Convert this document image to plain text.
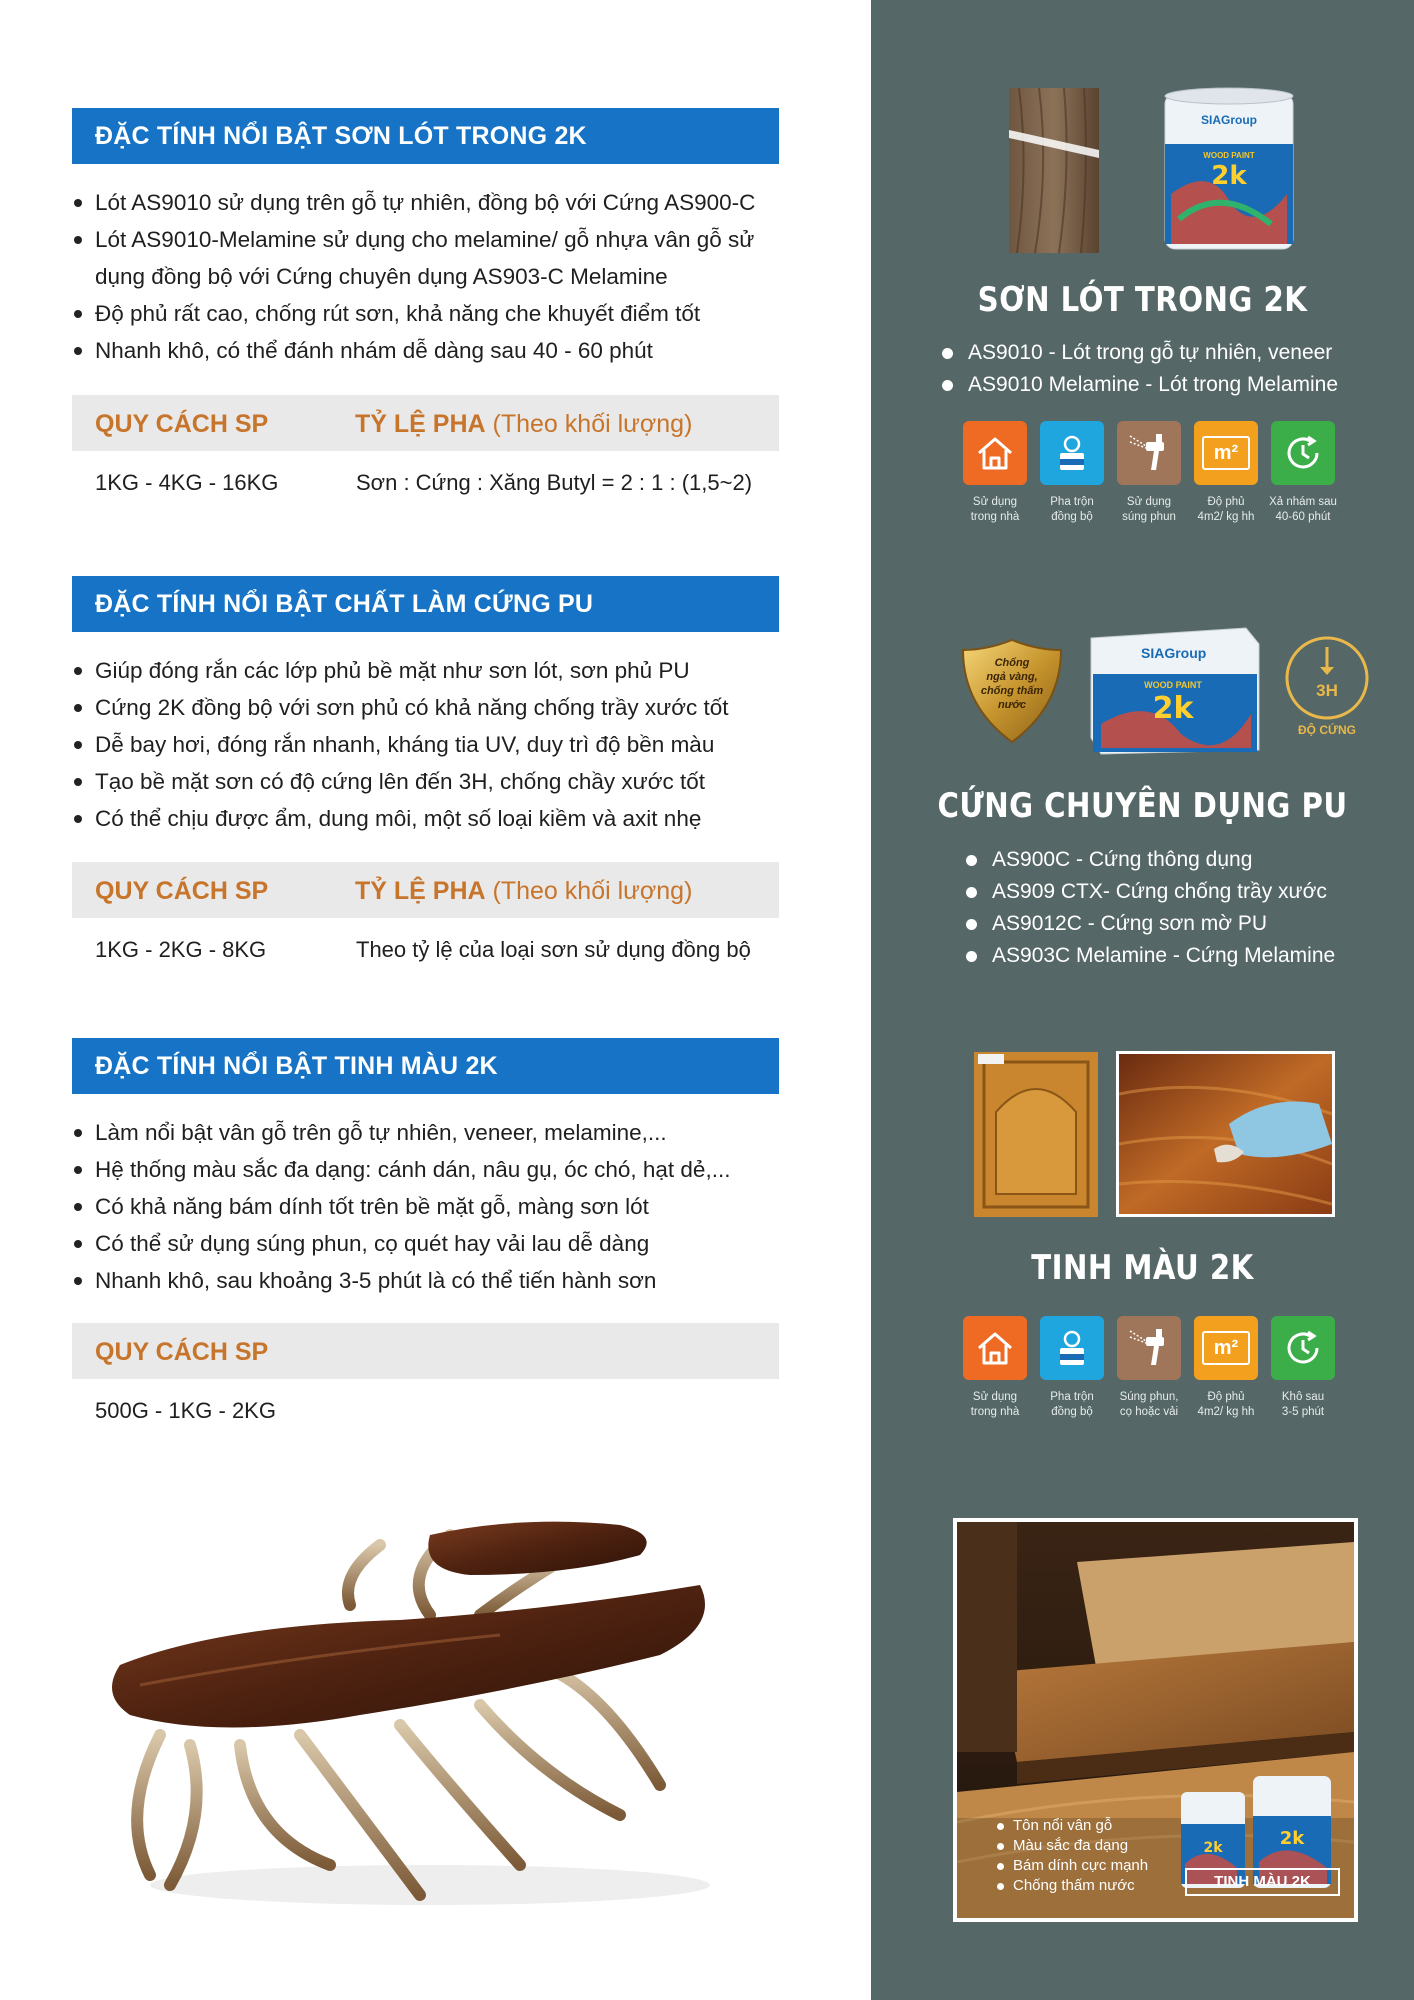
ĐẶC TÍNH NỔI BẬT SƠN LÓT TRONG 2K
Lót AS9010 sử dụng trên gỗ tự nhiên, đồng bộ với Cứng AS900-C
Lót AS9010-Melamine sử dụng cho melamine/ gỗ nhựa vân gỗ sử
dụng đồng bộ với Cứng chuyên dụng AS903-C Melamine
Độ phủ rất cao, chống rút sơn, khả năng che khuyết điểm tốt
Nhanh khô, có thể đánh nhám dễ dàng sau 40 - 60 phút
QUY CÁCH SP	TỶ LỆ PHA (Theo khối lượng)
1KG - 4KG - 16KG	Sơn : Cứng : Xăng Butyl = 2 : 1 : (1,5~2)
ĐẶC TÍNH NỔI BẬT CHẤT LÀM CỨNG PU
Giúp đóng rắn các lớp phủ bề mặt như sơn lót, sơn phủ PU
Cứng 2K đồng bộ với sơn phủ có khả năng chống trầy xước tốt
Dễ bay hơi, đóng rắn nhanh, kháng tia UV, duy trì độ bền màu
Tạo bề mặt sơn có độ cứng lên đến 3H, chống chầy xước tốt
Có thể chịu được ẩm, dung môi, một số loại kiềm và axit nhẹ
QUY CÁCH SP	TỶ LỆ PHA (Theo khối lượng)
1KG - 2KG - 8KG	Theo tỷ lệ của loại sơn sử dụng đồng bộ
ĐẶC TÍNH NỔI BẬT TINH MÀU 2K
Làm nổi bật vân gỗ trên gỗ tự nhiên, veneer, melamine,...
Hệ thống màu sắc đa dạng: cánh dán, nâu gụ, óc chó, hạt dẻ,...
Có khả năng bám dính tốt trên bề mặt gỗ, màng sơn lót
Có thể sử dụng súng phun, cọ quét hay vải lau dễ dàng
Nhanh khô, sau khoảng 3-5 phút là có thể tiến hành sơn
QUY CÁCH SP
500G - 1KG - 2KG
SIAGroup
WOOD PAINT
2k
SƠN LÓT TRONG 2K
AS9010 - Lót trong gỗ tự nhiên, veneer
AS9010 Melamine - Lót trong Melamine
Sử dụng
trong nhà
Pha trộn
đồng bộ
Sử dụng
súng phun
m²
Độ phủ
4m2/ kg hh
Xả nhám sau
40-60 phút
Chống
ngả vàng,
chống thấm
nước
SIAGroup
WOOD PAINT
2k
3H
ĐỘ CỨNG
CỨNG CHUYÊN DỤNG PU
AS900C - Cứng thông dụng
AS909 CTX- Cứng chống trầy xước
AS9012C - Cứng sơn mờ PU
AS903C Melamine - Cứng Melamine
TINH MÀU 2K
Sử dụng
trong nhà
Pha trộn
đồng bộ
Súng phun,
cọ hoặc vải
m²
Độ phủ
4m2/ kg hh
Khô sau
3-5 phút
2k
2k
Tôn nổi vân gỗ
Màu sắc đa dạng
Bám dính cực mạnh
Chống thấm nước	TINH MÀU 2K
